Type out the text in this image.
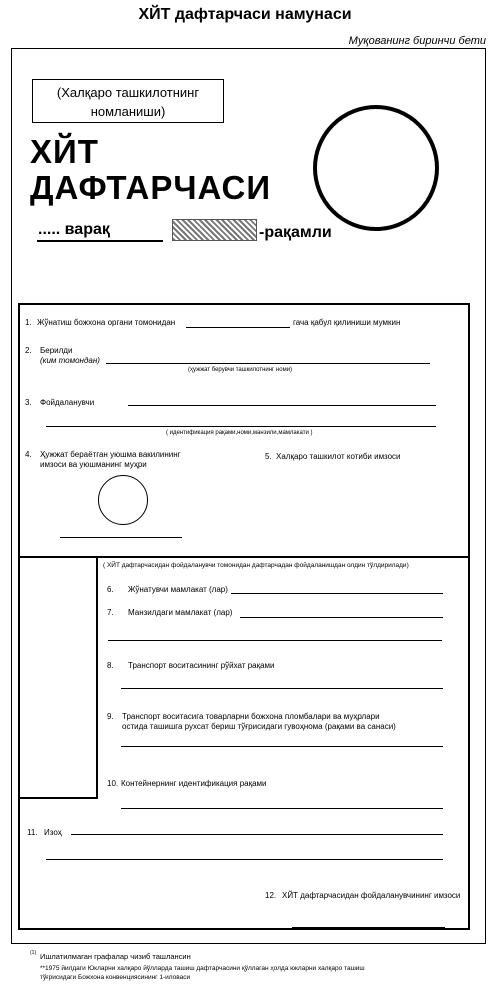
ХЙТ дафтарчаси намунаси
Муқованинг биринчи бети
(Халқаро ташкилотнинг
номланиши)
ХЙТ
ДАФТАРЧАСИ
..... варақ	-рақамли
1. Жўнатиш божхона органи томонидан	гача қабул қилиниши мумкин
2. Берилди
(ким томондан)
(ҳужжат берувчи ташкилотнинг номи)
3. Фойдаланувчи
( идентификация рақами,номи,манзили,мамлакати )
4. Ҳужжат бераётган уюшма вакилининг
имзоси ва уюшманинг муҳри
5. Халқаро ташкилот котиби имзоси
( ХЙТ дафтарчасидан фойдаланувчи томонидан дафтарчадан фойдаланишдан олдин тўлдирилади)
6. Жўнатувчи мамлакат (лар)
7. Манзилдаги мамлакат (лар)
8. Транспорт воситасининг рўйхат рақами
9. Транспорт воситасига товарларни божхона пломбалари ва муҳрлари
остида ташишга рухсат бериш тўғрисидаги гувоҳнома (рақами ва санаси)
10. Контейнернинг идентификация рақами
11. Изоҳ
12. ХЙТ дафтарчасидан фойдаланувчининг имзоси
(1) Ишлатилмаган графалар чизиб ташлансин
**1975 йилдаги Юкларни халқаро йўлларда ташиш дафтарчасини қўллаган ҳолда юкларни халқаро ташиш
тўғрисидаги Божхона конвенциясининг 1-иловаси
